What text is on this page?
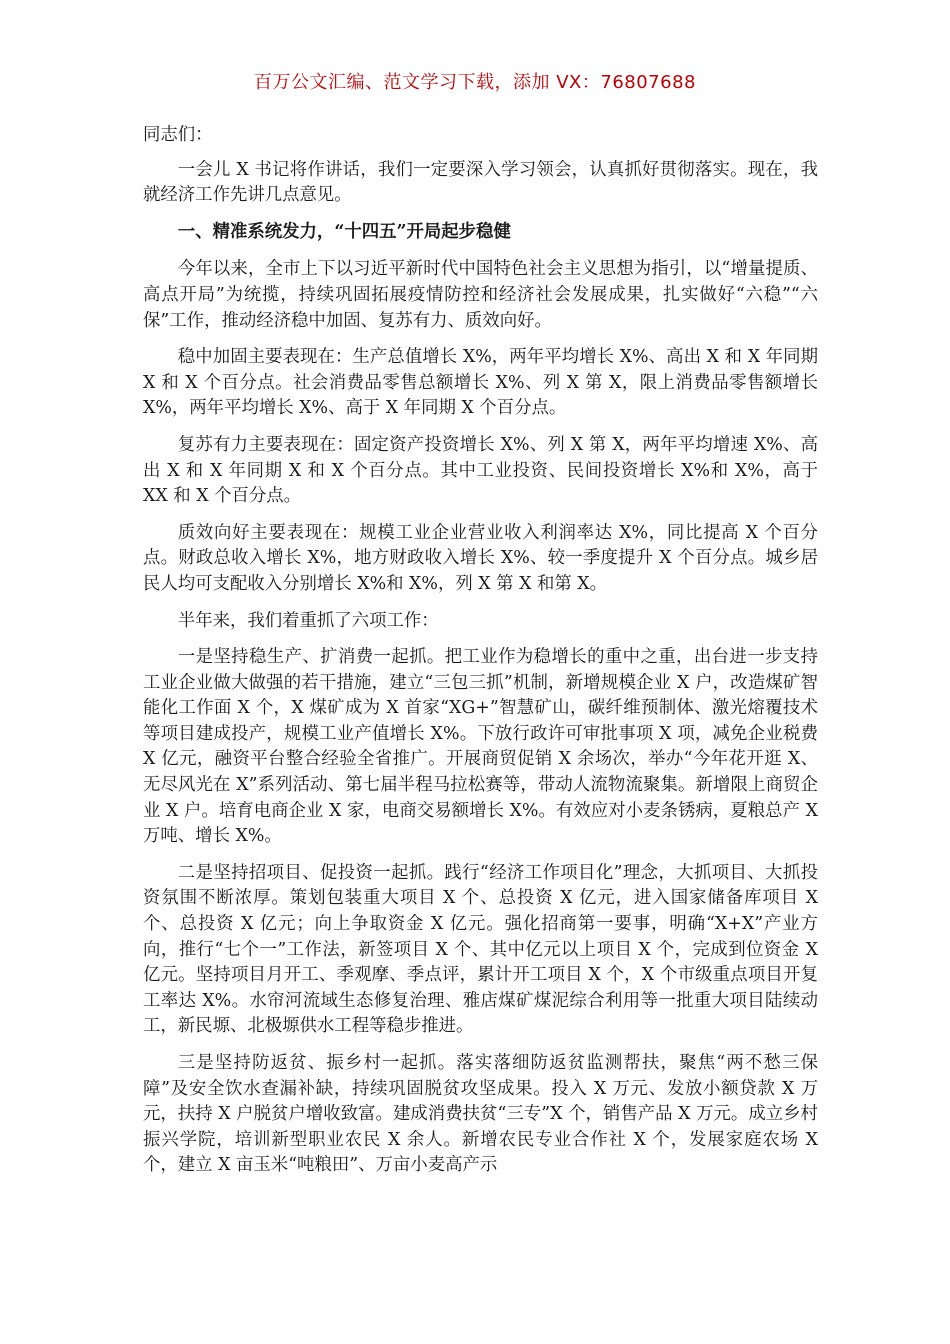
百万公文汇编、范文学习下载，添加 VX：76807688

同志们：

一会儿 X 书记将作讲话，我们一定要深入学习领会，认真抓好贯彻落实。现在，我就经济工作先讲几点意见。

一、精准系统发力，“十四五”开局起步稳健

今年以来，全市上下以习近平新时代中国特色社会主义思想为指引，以“增量提质、高点开局”为统揽，持续巩固拓展疫情防控和经济社会发展成果，扎实做好“六稳”“六保”工作，推动经济稳中加固、复苏有力、质效向好。

稳中加固主要表现在：生产总值增长 X%，两年平均增长 X%、高出 X 和 X 年同期 X 和 X 个百分点。社会消费品零售总额增长 X%、列 X 第 X，限上消费品零售额增长 X%，两年平均增长 X%、高于 X 年同期 X 个百分点。

复苏有力主要表现在：固定资产投资增长 X%、列 X 第 X，两年平均增速 X%、高出 X 和 X 年同期 X 和 X 个百分点。其中工业投资、民间投资增长 X%和 X%，高于 XX 和 X 个百分点。

质效向好主要表现在：规模工业企业营业收入利润率达 X%，同比提高 X 个百分点。财政总收入增长 X%，地方财政收入增长 X%、较一季度提升 X 个百分点。城乡居民人均可支配收入分别增长 X%和 X%，列 X 第 X 和第 X。

半年来，我们着重抓了六项工作：

一是坚持稳生产、扩消费一起抓。把工业作为稳增长的重中之重，出台进一步支持工业企业做大做强的若干措施，建立“三包三抓”机制，新增规模企业 X 户，改造煤矿智能化工作面 X 个，X 煤矿成为 X 首家“XG+”智慧矿山，碳纤维预制体、激光熔覆技术等项目建成投产，规模工业产值增长 X%。下放行政许可审批事项 X 项，减免企业税费 X 亿元，融资平台整合经验全省推广。开展商贸促销 X 余场次，举办“今年花开逛 X、无尽风光在 X”系列活动、第七届半程马拉松赛等，带动人流物流聚集。新增限上商贸企业 X 户。培育电商企业 X 家，电商交易额增长 X%。有效应对小麦条锈病，夏粮总产 X 万吨、增长 X%。

二是坚持招项目、促投资一起抓。践行“经济工作项目化”理念，大抓项目、大抓投资氛围不断浓厚。策划包装重大项目 X 个、总投资 X 亿元，进入国家储备库项目 X 个、总投资 X 亿元；向上争取资金 X 亿元。强化招商第一要事，明确“X+X”产业方向，推行“七个一”工作法，新签项目 X 个、其中亿元以上项目 X 个，完成到位资金 X 亿元。坚持项目月开工、季观摩、季点评，累计开工项目 X 个，X 个市级重点项目开复工率达 X%。水帘河流域生态修复治理、雅店煤矿煤泥综合利用等一批重大项目陆续动工，新民塬、北极塬供水工程等稳步推进。

三是坚持防返贫、振乡村一起抓。落实落细防返贫监测帮扶，聚焦“两不愁三保障”及安全饮水查漏补缺，持续巩固脱贫攻坚成果。投入 X 万元、发放小额贷款 X 万元，扶持 X 户脱贫户增收致富。建成消费扶贫“三专”X 个，销售产品 X 万元。成立乡村振兴学院，培训新型职业农民 X 余人。新增农民专业合作社 X 个，发展家庭农场 X 个，建立 X 亩玉米“吨粮田”、万亩小麦高产示
